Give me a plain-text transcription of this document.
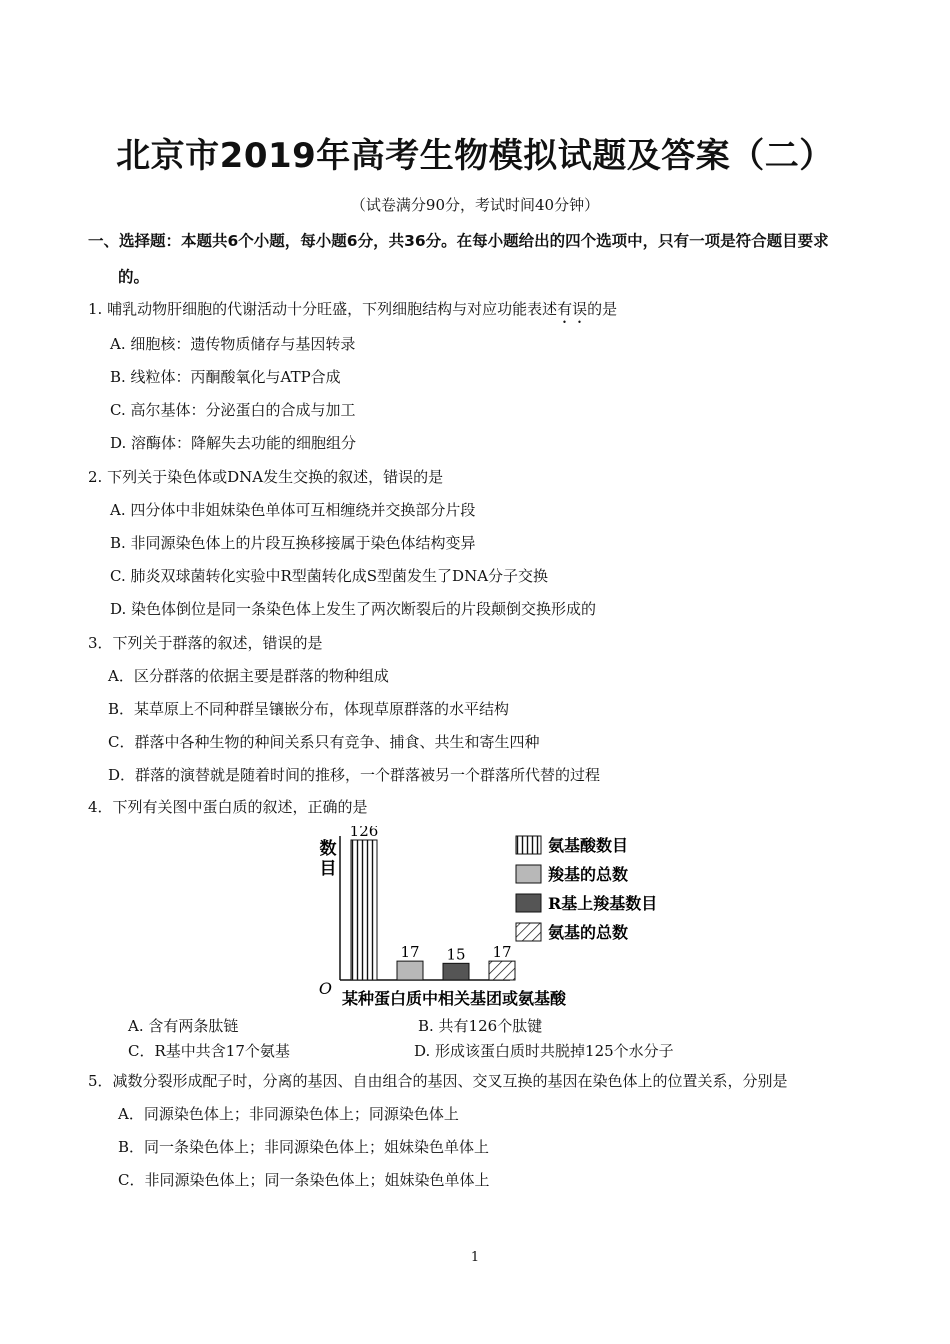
北京市2019年高考生物模拟试题及答案（二）
（试卷满分90分，考试时间40分钟）
一、选择题：本题共6个小题，每小题6分，共36分。在每小题给出的四个选项中，只有一项是符合题目要求
的。
1. 哺乳动物肝细胞的代谢活动十分旺盛，下列细胞结构与对应功能表述有误的是
A. 细胞核：遗传物质储存与基因转录
B. 线粒体：丙酮酸氧化与ATP合成
C. 高尔基体：分泌蛋白的合成与加工
D. 溶酶体：降解失去功能的细胞组分
2. 下列关于染色体或DNA发生交换的叙述，错误的是
A. 四分体中非姐妹染色单体可互相缠绕并交换部分片段
B. 非同源染色体上的片段互换移接属于染色体结构变异
C. 肺炎双球菌转化实验中R型菌转化成S型菌发生了DNA分子交换
D. 染色体倒位是同一条染色体上发生了两次断裂后的片段颠倒交换形成的
3．下列关于群落的叙述，错误的是
A．区分群落的依据主要是群落的物种组成
B．某草原上不同种群呈镶嵌分布，体现草原群落的水平结构
C．群落中各种生物的种间关系只有竞争、捕食、共生和寄生四种
D．群落的演替就是随着时间的推移，一个群落被另一个群落所代替的过程
4．下列有关图中蛋白质的叙述，正确的是
数
目
O
126
17 15 17
某种蛋白质中相关基团或氨基酸
氨基酸数目
羧基的总数
R基上羧基数目
氨基的总数
A. 含有两条肽链	B. 共有126个肽键
C．R基中共含17个氨基	D. 形成该蛋白质时共脱掉125个水分子
5．减数分裂形成配子时，分离的基因、自由组合的基因、交叉互换的基因在染色体上的位置关系，分别是
A．同源染色体上；非同源染色体上；同源染色体上
B．同一条染色体上；非同源染色体上；姐妹染色单体上
C．非同源染色体上；同一条染色体上；姐妹染色单体上
1
